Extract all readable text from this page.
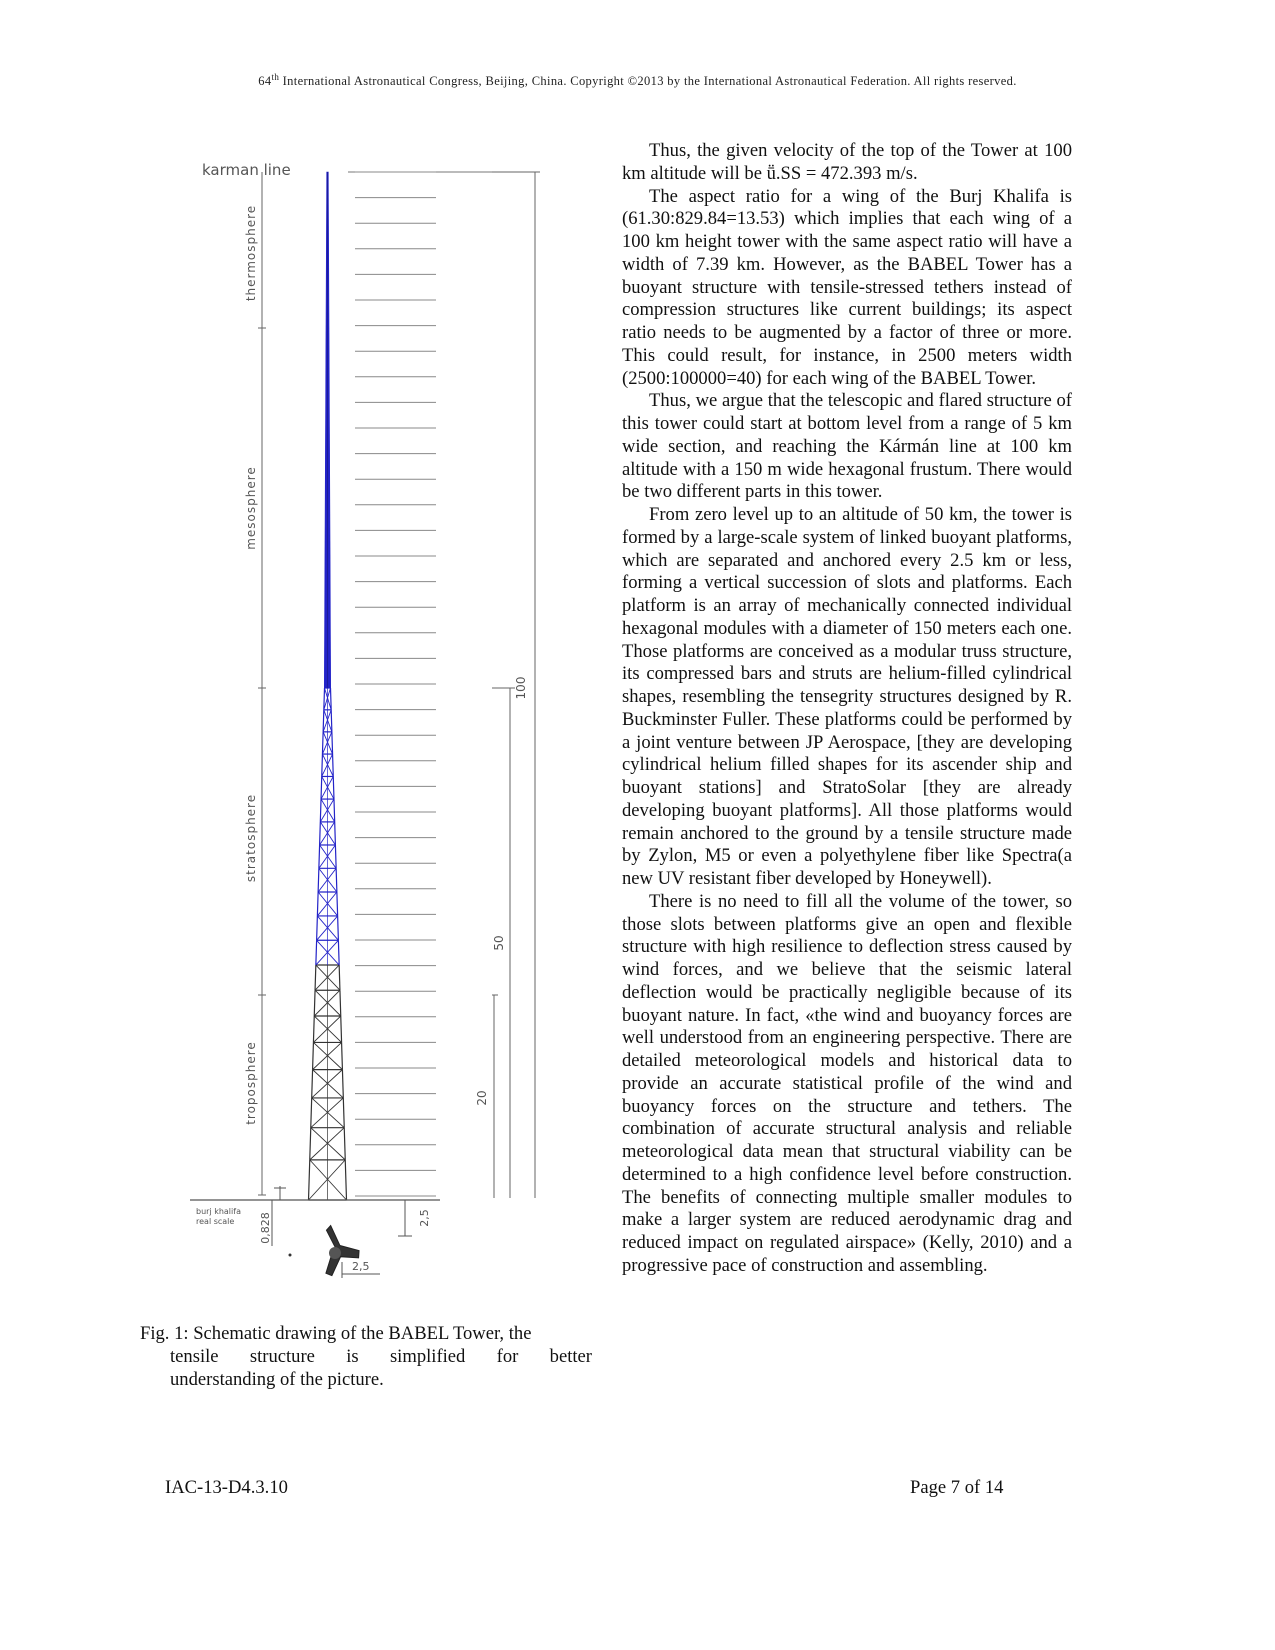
64th International Astronautical Congress, Beijing, China. Copyright ©2013 by the International Astronautical Federation. All rights reserved.
karman line
thermosphere
mesosphere
stratosphere
troposphere
100
50
20
burj khalifa
real scale 0,828	2,5
2,5
Fig. 1: Schematic drawing of the BABEL Tower, the
tensile structure is simplified for better
understanding of the picture.

Thus, the given velocity of the top of the Tower at 100 km altitude will be ṻ.SS = 472.393 m/s.

The aspect ratio for a wing of the Burj Khalifa is (61.30:829.84=13.53) which implies that each wing of a 100 km height tower with the same aspect ratio will have a width of 7.39 km. However, as the BABEL Tower has a buoyant structure with tensile-stressed tethers instead of compression structures like current buildings; its aspect ratio needs to be augmented by a factor of three or more. This could result, for instance, in 2500 meters width (2500:100000=40) for each wing of the BABEL Tower.

Thus, we argue that the telescopic and flared structure of this tower could start at bottom level from a range of 5 km wide section, and reaching the Kármán line at 100 km altitude with a 150 m wide hexagonal frustum. There would be two different parts in this tower.

From zero level up to an altitude of 50 km, the tower is formed by a large-scale system of linked buoyant platforms, which are separated and anchored every 2.5 km or less, forming a vertical succession of slots and platforms. Each platform is an array of mechanically connected individual hexagonal modules with a diameter of 150 meters each one. Those platforms are conceived as a modular truss structure, its compressed bars and struts are helium-filled cylindrical shapes, resembling the tensegrity structures designed by R. Buckminster Fuller. These platforms could be performed by a joint venture between JP Aerospace, [they are developing cylindrical helium filled shapes for its ascender ship and buoyant stations] and StratoSolar [they are already developing buoyant platforms]. All those platforms would remain anchored to the ground by a tensile structure made by Zylon, M5 or even a polyethylene fiber like Spectra(a new UV resistant fiber developed by Honeywell).

There is no need to fill all the volume of the tower, so those slots between platforms give an open and flexible structure with high resilience to deflection stress caused by wind forces, and we believe that the seismic lateral deflection would be practically negligible because of its buoyant nature. In fact, «the wind and buoyancy forces are well understood from an engineering perspective. There are detailed meteorological models and historical data to provide an accurate statistical profile of the wind and buoyancy forces on the structure and tethers. The combination of accurate structural analysis and reliable meteorological data mean that structural viability can be determined to a high confidence level before construction. The benefits of connecting multiple smaller modules to make a larger system are reduced aerodynamic drag and reduced impact on regulated airspace» (Kelly, 2010) and a progressive pace of construction and assembling.

IAC-13-D4.3.10	Page 7 of 14
